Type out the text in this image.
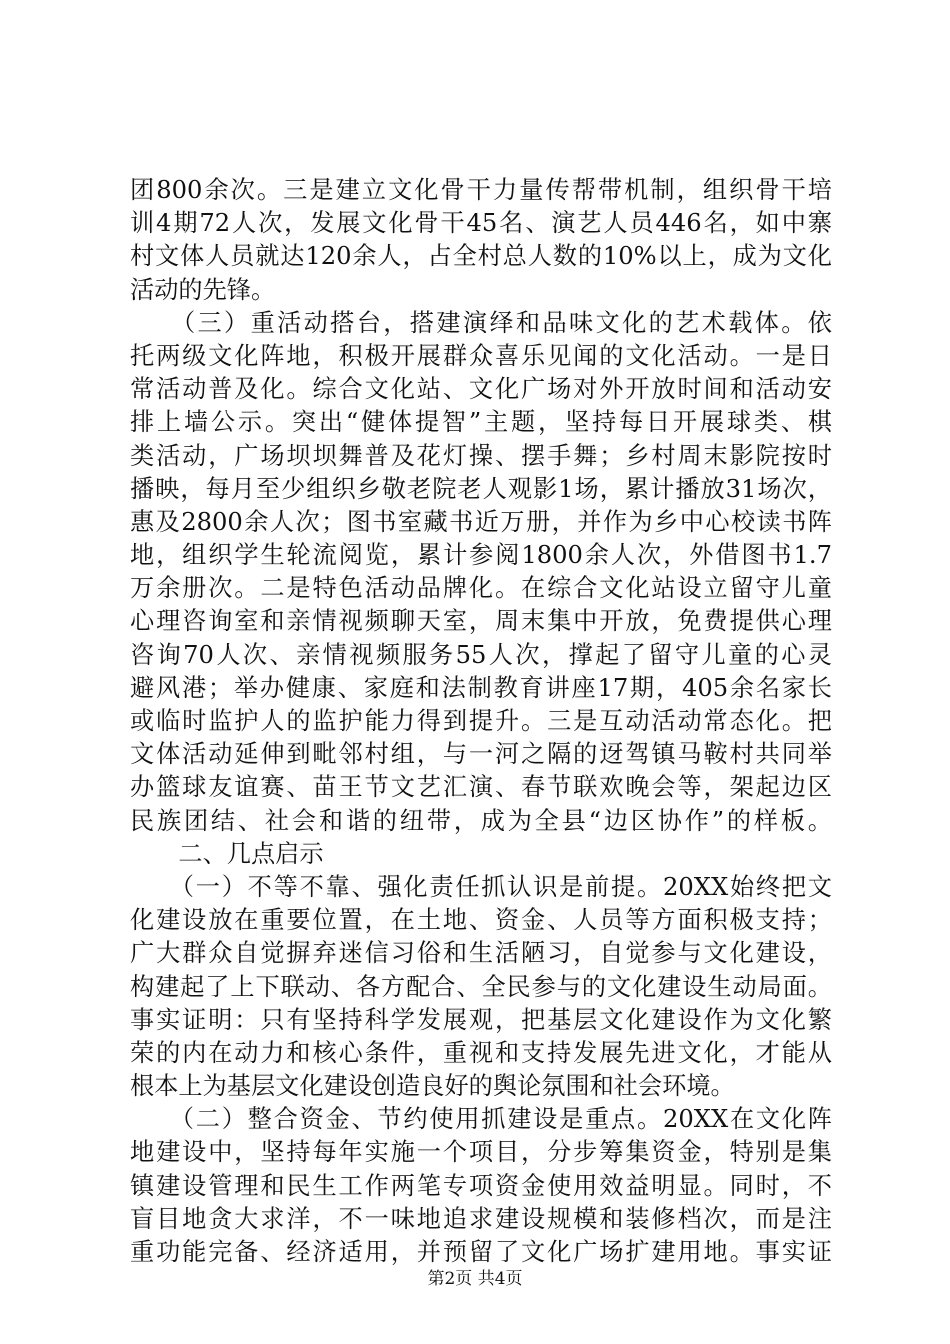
团800余次。三是建立文化骨干力量传帮带机制，组织骨干培
训4期72人次，发展文化骨干45名、演艺人员446名，如中寨
村文体人员就达120余人，占全村总人数的10%以上，成为文化
活动的先锋。
　　（三）重活动搭台，搭建演绎和品味文化的艺术载体。依
托两级文化阵地，积极开展群众喜乐见闻的文化活动。一是日
常活动普及化。综合文化站、文化广场对外开放时间和活动安
排上墙公示。突出“健体提智”主题，坚持每日开展球类、棋
类活动，广场坝坝舞普及花灯操、摆手舞；乡村周末影院按时
播映，每月至少组织乡敬老院老人观影1场，累计播放31场次，
惠及2800余人次；图书室藏书近万册，并作为乡中心校读书阵
地，组织学生轮流阅览，累计参阅1800余人次，外借图书1.7
万余册次。二是特色活动品牌化。在综合文化站设立留守儿童
心理咨询室和亲情视频聊天室，周末集中开放，免费提供心理
咨询70人次、亲情视频服务55人次，撑起了留守儿童的心灵
避风港；举办健康、家庭和法制教育讲座17期，405余名家长
或临时监护人的监护能力得到提升。三是互动活动常态化。把
文体活动延伸到毗邻村组，与一河之隔的迓驾镇马鞍村共同举
办篮球友谊赛、苗王节文艺汇演、春节联欢晚会等，架起边区
民族团结、社会和谐的纽带，成为全县“边区协作”的样板。
　　二、几点启示
　　（一）不等不靠、强化责任抓认识是前提。20XX始终把文
化建设放在重要位置，在土地、资金、人员等方面积极支持；
广大群众自觉摒弃迷信习俗和生活陋习，自觉参与文化建设，
构建起了上下联动、各方配合、全民参与的文化建设生动局面。
事实证明：只有坚持科学发展观，把基层文化建设作为文化繁
荣的内在动力和核心条件，重视和支持发展先进文化，才能从
根本上为基层文化建设创造良好的舆论氛围和社会环境。
　　（二）整合资金、节约使用抓建设是重点。20XX在文化阵
地建设中，坚持每年实施一个项目，分步筹集资金，特别是集
镇建设管理和民生工作两笔专项资金使用效益明显。同时，不
盲目地贪大求洋，不一味地追求建设规模和装修档次，而是注
重功能完备、经济适用，并预留了文化广场扩建用地。事实证
第2页 共4页
